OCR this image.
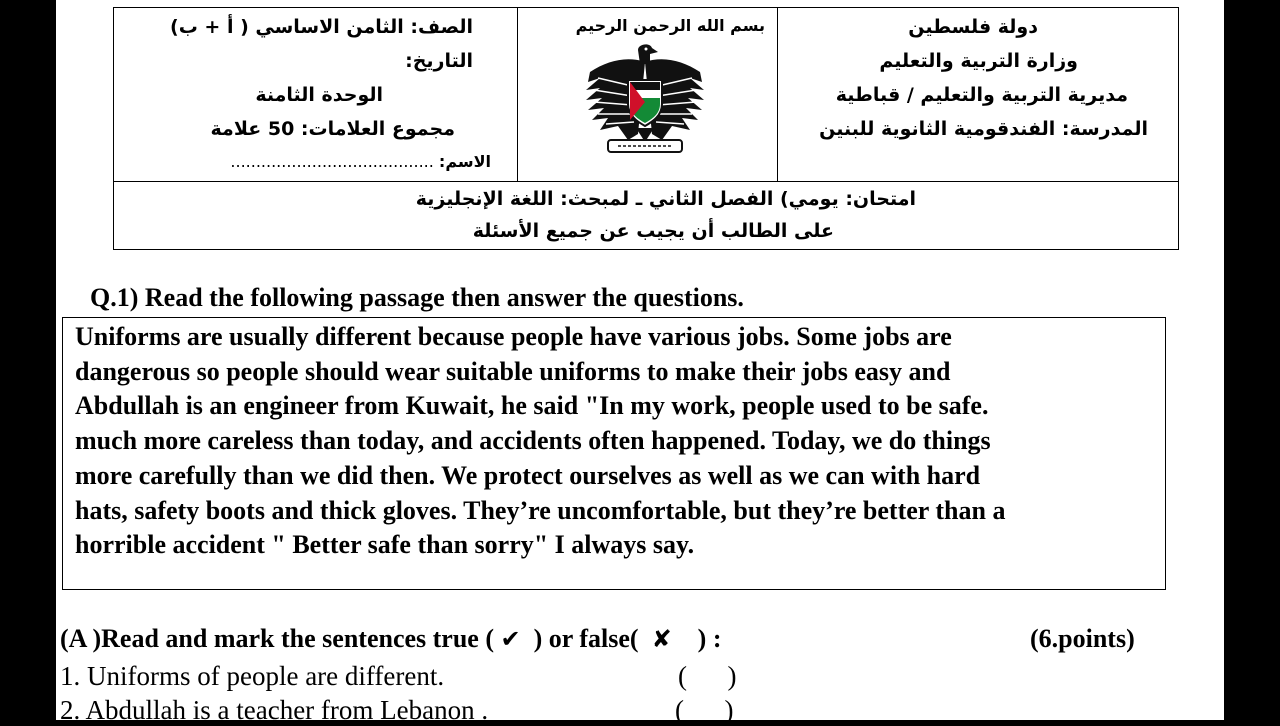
الصف: الثامن الاساسي ( أ + ب)
التاريخ:
الوحدة الثامنة
مجموع العلامات: 50 علامة
الاسم: ........................................
بسم الله الرحمن الرحيم	دولة فلسطين
وزارة التربية والتعليم
مديرية التربية والتعليم / قباطية
المدرسة: الفندقومية الثانوية للبنين
امتحان: يومي) الفصل الثاني ـ لمبحث: اللغة الإنجليزية
على الطالب أن يجيب عن جميع الأسئلة
Q.1) Read the following passage then answer the questions.
Uniforms are usually different because people have various jobs. Some jobs are
dangerous so people should wear suitable uniforms to make their jobs easy and
Abdullah is an engineer from Kuwait, he said "In my work, people used to be safe.
much more careless than today, and accidents often happened. Today, we do things
more carefully than we did then. We protect ourselves as well as we can with hard
hats, safety boots and thick gloves. They’re uncomfortable, but they’re better than a
horrible accident " Better safe than sorry" I always say.
(A )Read and mark the sentences true ( ✔  ) or false(  ✘    ) :	(6.points)
1. Uniforms of people are different.	(      )
2. Abdullah is a teacher from Lebanon .	(      )
